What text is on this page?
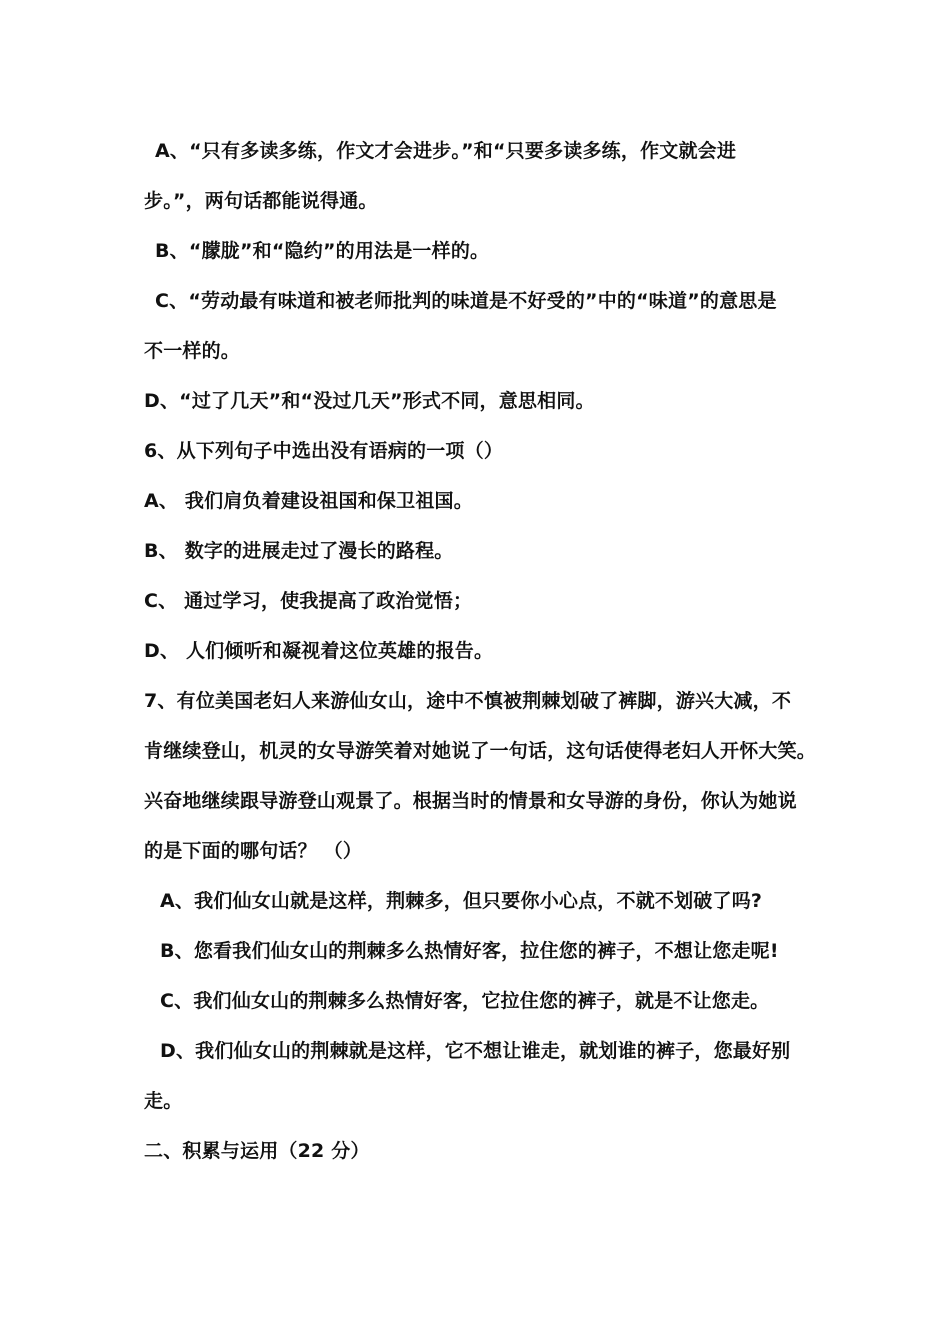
A、“只有多读多练，作文才会进步。”和“只要多读多练，作文就会进
步。”，两句话都能说得通。
B、“朦胧”和“隐约”的用法是一样的。
C、“劳动最有味道和被老师批判的味道是不好受的”中的“味道”的意思是
不一样的。
D、“过了几天”和“没过几天”形式不同，意思相同。
6、从下列句子中选出没有语病的一项（）
A、 我们肩负着建设祖国和保卫祖国。
B、 数字的进展走过了漫长的路程。
C、 通过学习，使我提高了政治觉悟；
D、 人们倾听和凝视着这位英雄的报告。
7、有位美国老妇人来游仙女山，途中不慎被荆棘划破了裤脚，游兴大减，不
肯继续登山，机灵的女导游笑着对她说了一句话，这句话使得老妇人开怀大笑。
兴奋地继续跟导游登山观景了。根据当时的情景和女导游的身份，你认为她说
的是下面的哪句话？ （）
A、我们仙女山就是这样，荆棘多，但只要你小心点，不就不划破了吗?
B、您看我们仙女山的荆棘多么热情好客，拉住您的裤子，不想让您走呢!
C、我们仙女山的荆棘多么热情好客，它拉住您的裤子，就是不让您走。
D、我们仙女山的荆棘就是这样，它不想让谁走，就划谁的裤子，您最好别
走。
二、积累与运用（22 分）
